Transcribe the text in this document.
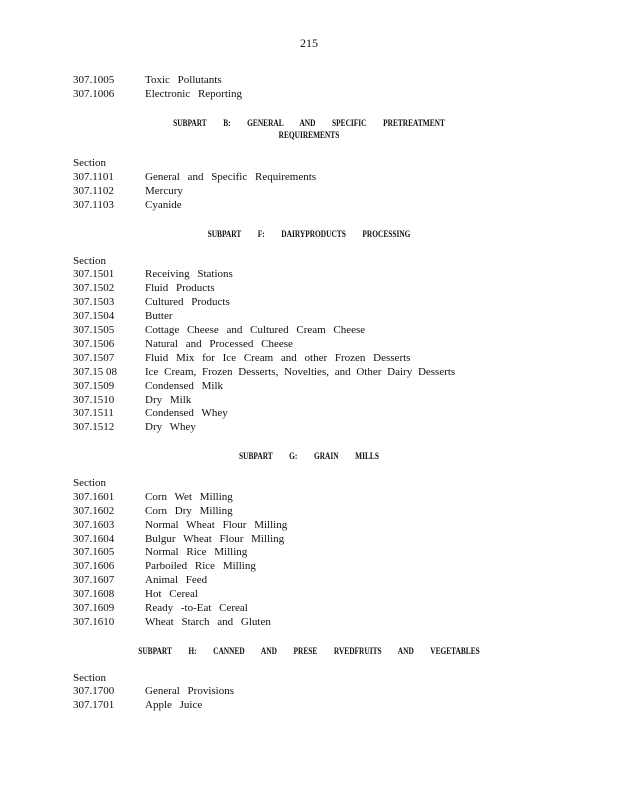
215
307.1005	Toxic Pollutants
307.1006	Electronic Reporting
SUBPART B: GENERAL AND SPECIFIC PRETREATMENT
REQUIREMENTS
Section
307.1101	General and Specific Requirements
307.1102	Mercury
307.1103	Cyanide
SUBPART F: DAIRYPRODUCTS PROCESSING
Section
307.1501	Receiving Stations
307.1502	Fluid Products
307.1503	Cultured Products
307.1504	Butter
307.1505	Cottage Cheese and Cultured Cream Cheese
307.1506	Natural and Processed Cheese
307.1507	Fluid Mix for Ice Cream and other Frozen Desserts
307.15 08	Ice Cream, Frozen Desserts, Novelties, and Other Dairy Desserts
307.1509	Condensed Milk
307.1510	Dry Milk
307.1511	Condensed Whey
307.1512	Dry Whey
SUBPART G: GRAIN MILLS
Section
307.1601	Corn Wet Milling
307.1602	Corn Dry Milling
307.1603	Normal Wheat Flour Milling
307.1604	Bulgur Wheat Flour Milling
307.1605	Normal Rice Milling
307.1606	Parboiled Rice Milling
307.1607	Animal Feed
307.1608	Hot Cereal
307.1609	Ready -to-Eat Cereal
307.1610	Wheat Starch and Gluten
SUBPART H: CANNED AND PRESE RVEDFRUITS AND VEGETABLES
Section
307.1700	General Provisions
307.1701	Apple Juice
